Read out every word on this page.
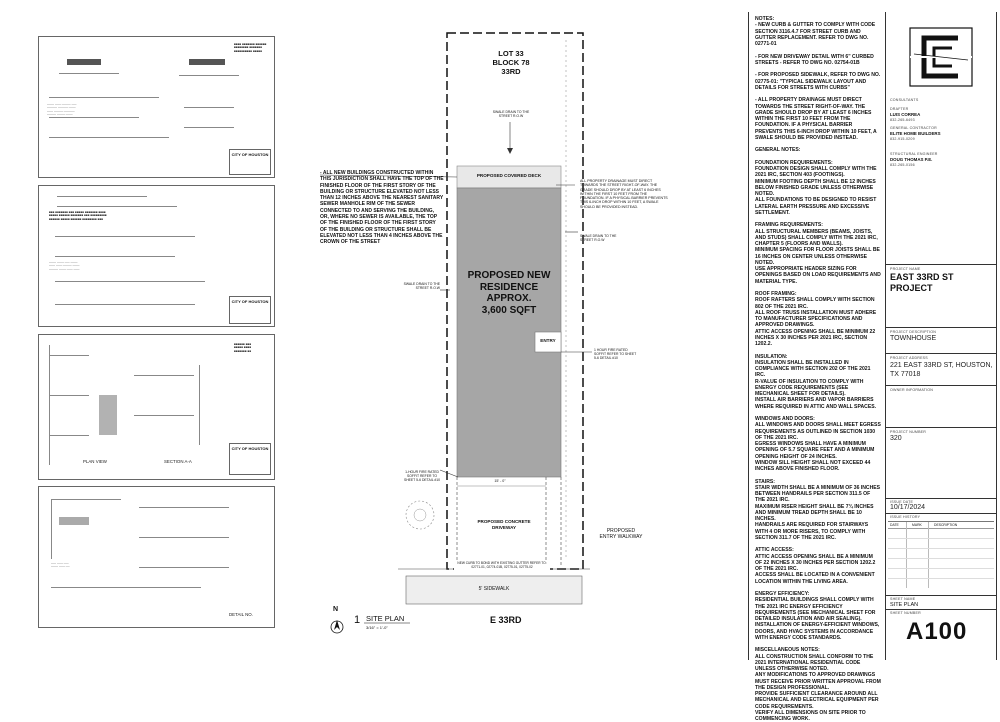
■■■■ ■■■■■■■ ■■■■■■
■■■■■■■■ ■■■■■■■
■■■■■■■■■■ ■■■■■
------- ------ --------- -----
---------- ---------- -------
------ --------- -----------
--------- -------- -------
CITY OF HOUSTON
■■■ ■■■■■■■ ■■■ ■■■■■ ■■■■■■■ ■■■■
■■■■■ ■■■■■■ ■■■■■■■ ■■■ ■■■■■■■■■
■■■■■■ ■■■■■ ■■■■■■ ■■■■■■■■ ■■■
------- ------- ----- -------
------ ------ --------- -------
--------- ------- ------ ------
CITY OF HOUSTON
■■■■■■ ■■■
■■■■■ ■■■■
■■■■■■■ ■■
PLAN VIEW	SECTION A-A
CITY OF HOUSTON
----- ------ -----
------- ------ ----
DETAIL NO.
LOT 33
BLOCK 78
33RD
SWALE DRAIN TO THE STREET R.O.W
PROPOSED COVERED DECK
PROPOSED NEW
RESIDENCE
APPROX.
3,600 SQFT
ENTRY
- ALL NEW BUILDINGS CONSTRUCTED WITHIN THIS JURISDICTION SHALL HAVE THE TOP OF THE FINISHED FLOOR OF THE FIRST STORY OF THE BUILDING OR STRUCTURE ELEVATED NOT LESS THAN 12 INCHES ABOVE THE NEAREST SANITARY SEWER MANHOLE RIM OF THE SEWER
CONNECTED TO AND SERVING THE BUILDING, OR, WHERE NO SEWER IS AVAILABLE, THE TOP OF THE FINISHED FLOOR OF THE FIRST STORY OF THE BUILDING OR STRUCTURE SHALL BE ELEVATED NOT LESS THAN 4 INCHES ABOVE THE CROWN OF THE STREET
ALL PROPERTY DRAINAGE MUST DIRECT TOWARDS THE STREET RIGHT-OF-WAY. THE GRADE SHOULD DROP BY AT LEAST 6 INCHES WITHIN THE FIRST 10 FEET FROM THE FOUNDATION. IF A PHYSICAL BARRIER PREVENTS THIS 6-INCH DROP WITHIN 10 FEET, A SWALE SHOULD BE PROVIDED INSTEAD.
SWALE DRAIN TO THE STREET R.O.W
SWALE DRAIN TO THE STREET R.O.W
1 HOUR FIRE RATED SOFFIT REFER TO SHEET 5-6 DETAIL #10
1-HOUR FIRE RATED SOFFIT REFER TO SHEET 5-6 DETAIL #10	15' - 0"
PROPOSED CONCRETE
DRIVEWAY
PROPOSED
ENTRY WALKWAY
NEW CURB TO BOND WITH EXISTING GUTTER REFER TO: 02771-01, 02774-01B, 02775-01, 02775-02
5' SIDEWALK
E 33RD
N
1 SITE PLAN
3/16" = 1'-0"
NOTES:
- NEW CURB & GUTTER TO COMPLY WITH CODE SECTION 3116.4.7 FOR STREET CURB AND GUTTER REPLACEMENT. REFER TO DWG NO. 02771-01

- FOR NEW DRIVEWAY DETAIL WITH 6" CURBED STREETS - REFER TO DWG NO. 02754-01B

- FOR PROPOSED SIDEWALK, REFER TO DWG NO. 02775-01: "TYPICAL SIDEWALK LAYOUT AND DETAILS FOR STREETS WITH CURBS"

- ALL PROPERTY DRAINAGE MUST DIRECT TOWARDS THE STREET RIGHT-OF-WAY. THE GRADE SHOULD DROP BY AT LEAST 6 INCHES WITHIN THE FIRST 10 FEET FROM THE FOUNDATION. IF A PHYSICAL BARRIER PREVENTS THIS 6-INCH DROP WITHIN 10 FEET, A SWALE SHOULD BE PROVIDED INSTEAD.

GENERAL NOTES:

FOUNDATION REQUIREMENTS:
FOUNDATION DESIGN SHALL COMPLY WITH THE 2021 IRC, SECTION 403 (FOOTINGS).
MINIMUM FOOTING DEPTH SHALL BE 12 INCHES BELOW FINISHED GRADE UNLESS OTHERWISE NOTED.
ALL FOUNDATIONS TO BE DESIGNED TO RESIST LATERAL EARTH PRESSURE AND EXCESSIVE SETTLEMENT.

FRAMING REQUIREMENTS:
ALL STRUCTURAL MEMBERS (BEAMS, JOISTS, AND STUDS) SHALL COMPLY WITH THE 2021 IRC, CHAPTER 5 (FLOORS AND WALLS).
MINIMUM SPACING FOR FLOOR JOISTS SHALL BE 16 INCHES ON CENTER UNLESS OTHERWISE NOTED.
USE APPROPRIATE HEADER SIZING FOR OPENINGS BASED ON LOAD REQUIREMENTS AND MATERIAL TYPE.

ROOF FRAMING:
ROOF RAFTERS SHALL COMPLY WITH SECTION 802 OF THE 2021 IRC.
ALL ROOF TRUSS INSTALLATION MUST ADHERE TO MANUFACTURER SPECIFICATIONS AND APPROVED DRAWINGS.
ATTIC ACCESS OPENING SHALL BE MINIMUM 22 INCHES X 30 INCHES PER 2021 IRC, SECTION 1202.2.

INSULATION:
INSULATION SHALL BE INSTALLED IN COMPLIANCE WITH SECTION 202 OF THE 2021 IRC.
R-VALUE OF INSULATION TO COMPLY WITH ENERGY CODE REQUIREMENTS (SEE MECHANICAL SHEET FOR DETAILS).
INSTALL AIR BARRIERS AND VAPOR BARRIERS WHERE REQUIRED IN ATTIC AND WALL SPACES.

WINDOWS AND DOORS:
ALL WINDOWS AND DOORS SHALL MEET EGRESS REQUIREMENTS AS OUTLINED IN SECTION 1030 OF THE 2021 IRC.
EGRESS WINDOWS SHALL HAVE A MINIMUM OPENING OF 5.7 SQUARE FEET AND A MINIMUM OPENING HEIGHT OF 24 INCHES.
WINDOW SILL HEIGHT SHALL NOT EXCEED 44 INCHES ABOVE FINISHED FLOOR.

STAIRS:
STAIR WIDTH SHALL BE A MINIMUM OF 36 INCHES BETWEEN HANDRAILS PER SECTION 311.5 OF THE 2021 IRC.
MAXIMUM RISER HEIGHT SHALL BE 7¾ INCHES AND MINIMUM TREAD DEPTH SHALL BE 10 INCHES.
HANDRAILS ARE REQUIRED FOR STAIRWAYS WITH 4 OR MORE RISERS, TO COMPLY WITH SECTION 311.7 OF THE 2021 IRC.

ATTIC ACCESS:
ATTIC ACCESS OPENING SHALL BE A MINIMUM OF 22 INCHES X 30 INCHES PER SECTION 1202.2 OF THE 2021 IRC.
ACCESS SHALL BE LOCATED IN A CONVENIENT LOCATION WITHIN THE LIVING AREA.

ENERGY EFFICIENCY:
RESIDENTIAL BUILDINGS SHALL COMPLY WITH THE 2021 IRC ENERGY EFFICIENCY REQUIREMENTS (SEE MECHANICAL SHEET FOR DETAILED INSULATION AND AIR SEALING).
INSTALLATION OF ENERGY-EFFICIENT WINDOWS, DOORS, AND HVAC SYSTEMS IN ACCORDANCE WITH ENERGY CODE STANDARDS.

MISCELLANEOUS NOTES:
ALL CONSTRUCTION SHALL CONFORM TO THE 2021 INTERNATIONAL RESIDENTIAL CODE UNLESS OTHERWISE NOTED.
ANY MODIFICATIONS TO APPROVED DRAWINGS MUST RECEIVE PRIOR WRITTEN APPROVAL FROM THE DESIGN PROFESSIONAL.
PROVIDE SUFFICIENT CLEARANCE AROUND ALL MECHANICAL AND ELECTRICAL EQUIPMENT PER CODE REQUIREMENTS.
VERIFY ALL DIMENSIONS ON SITE PRIOR TO COMMENCING WORK.
CONSULTANTS
DRAFTER
LUIS CORREA
832-265-6493
GENERAL CONTRACTOR
ELITE HOME BUILDERS
832-915-0209
STRUCTURAL ENGINEER
DOUG THOMAS P.E.
832-265-0156
PROJECT NAME
EAST 33RD ST PROJECT
PROJECT DESCRIPTION
TOWNHOUSE
PROJECT ADDRESS
221 EAST 33RD ST, HOUSTON, TX 77018
OWNER INFORMATION
PROJECT NUMBER
320
ISSUE DATE
10/17/2024
ISSUE HISTORY
DATE	MARK	DESCRIPTION
SHEET NAME
SITE PLAN
SHEET NUMBER
A100
